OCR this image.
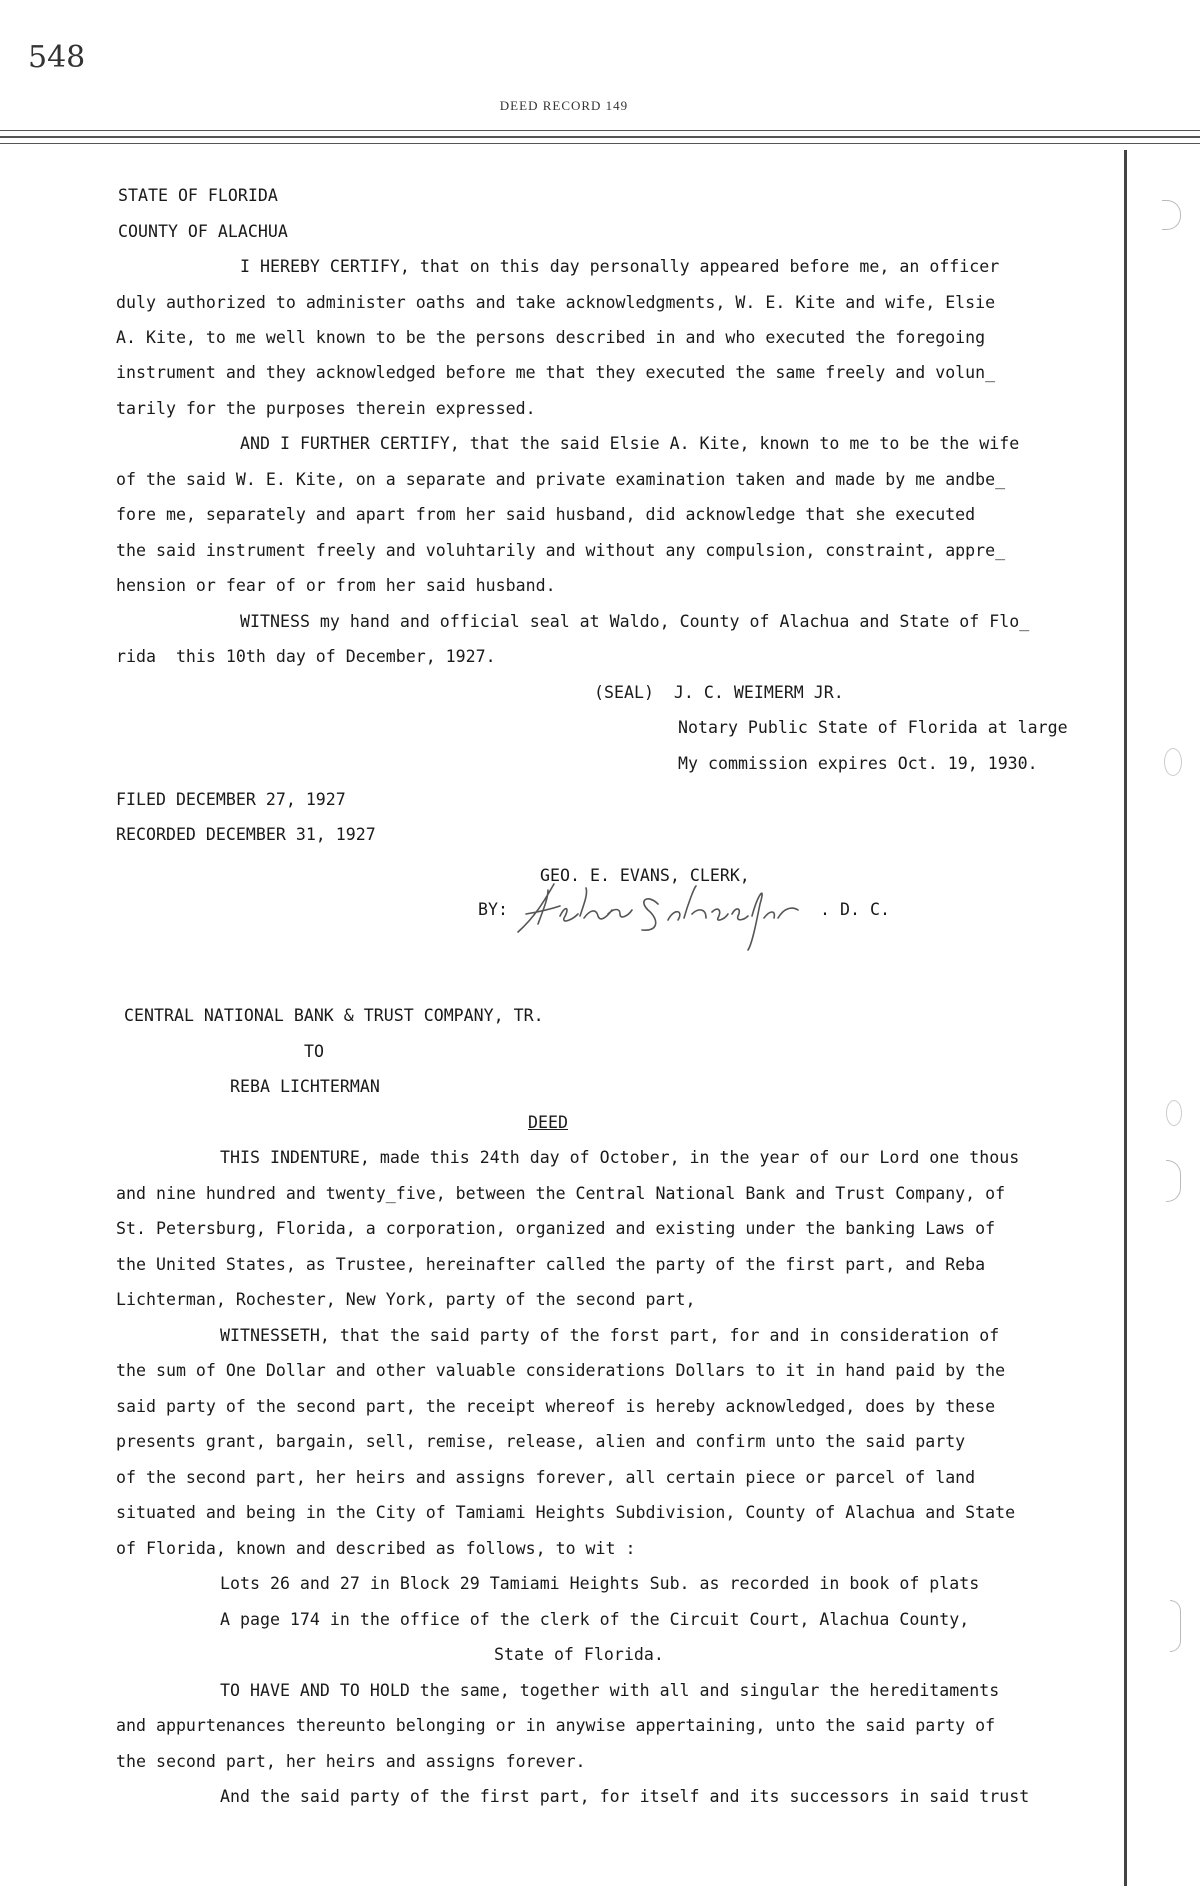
548
DEED RECORD 149
STATE OF FLORIDA
COUNTY OF ALACHUA
I HEREBY CERTIFY, that on this day personally appeared before me, an officer
duly authorized to administer oaths and take acknowledgments, W. E. Kite and wife, Elsie
A. Kite, to me well known to be the persons described in and who executed the foregoing
instrument and they acknowledged before me that they executed the same freely and volun_
tarily for the purposes therein expressed.
AND I FURTHER CERTIFY, that the said Elsie A. Kite, known to me to be the wife
of the said W. E. Kite, on a separate and private examination taken and made by me andbe_
fore me, separately and apart from her said husband, did acknowledge that she executed
the said instrument freely and voluhtarily and without any compulsion, constraint, appre_
hension or fear of or from her said husband.
WITNESS my hand and official seal at Waldo, County of Alachua and State of Flo_
rida  this 10th day of December, 1927.
(SEAL)  J. C. WEIMERM JR.
Notary Public State of Florida at large
My commission expires Oct. 19, 1930.
FILED DECEMBER 27, 1927
RECORDED DECEMBER 31, 1927
GEO. E. EVANS, CLERK,
BY:	. D. C.
CENTRAL NATIONAL BANK & TRUST COMPANY, TR.
TO
REBA LICHTERMAN
DEED
THIS INDENTURE, made this 24th day of October, in the year of our Lord one thous
and nine hundred and twenty_five, between the Central National Bank and Trust Company, of
St. Petersburg, Florida, a corporation, organized and existing under the banking Laws of
the United States, as Trustee, hereinafter called the party of the first part, and Reba
Lichterman, Rochester, New York, party of the second part,
WITNESSETH, that the said party of the forst part, for and in consideration of
the sum of One Dollar and other valuable considerations Dollars to it in hand paid by the
said party of the second part, the receipt whereof is hereby acknowledged, does by these
presents grant, bargain, sell, remise, release, alien and confirm unto the said party
of the second part, her heirs and assigns forever, all certain piece or parcel of land
situated and being in the City of Tamiami Heights Subdivision, County of Alachua and State
of Florida, known and described as follows, to wit :
Lots 26 and 27 in Block 29 Tamiami Heights Sub. as recorded in book of plats
A page 174 in the office of the clerk of the Circuit Court, Alachua County,
State of Florida.
TO HAVE AND TO HOLD the same, together with all and singular the hereditaments
and appurtenances thereunto belonging or in anywise appertaining, unto the said party of
the second part, her heirs and assigns forever.
And the said party of the first part, for itself and its successors in said trust
